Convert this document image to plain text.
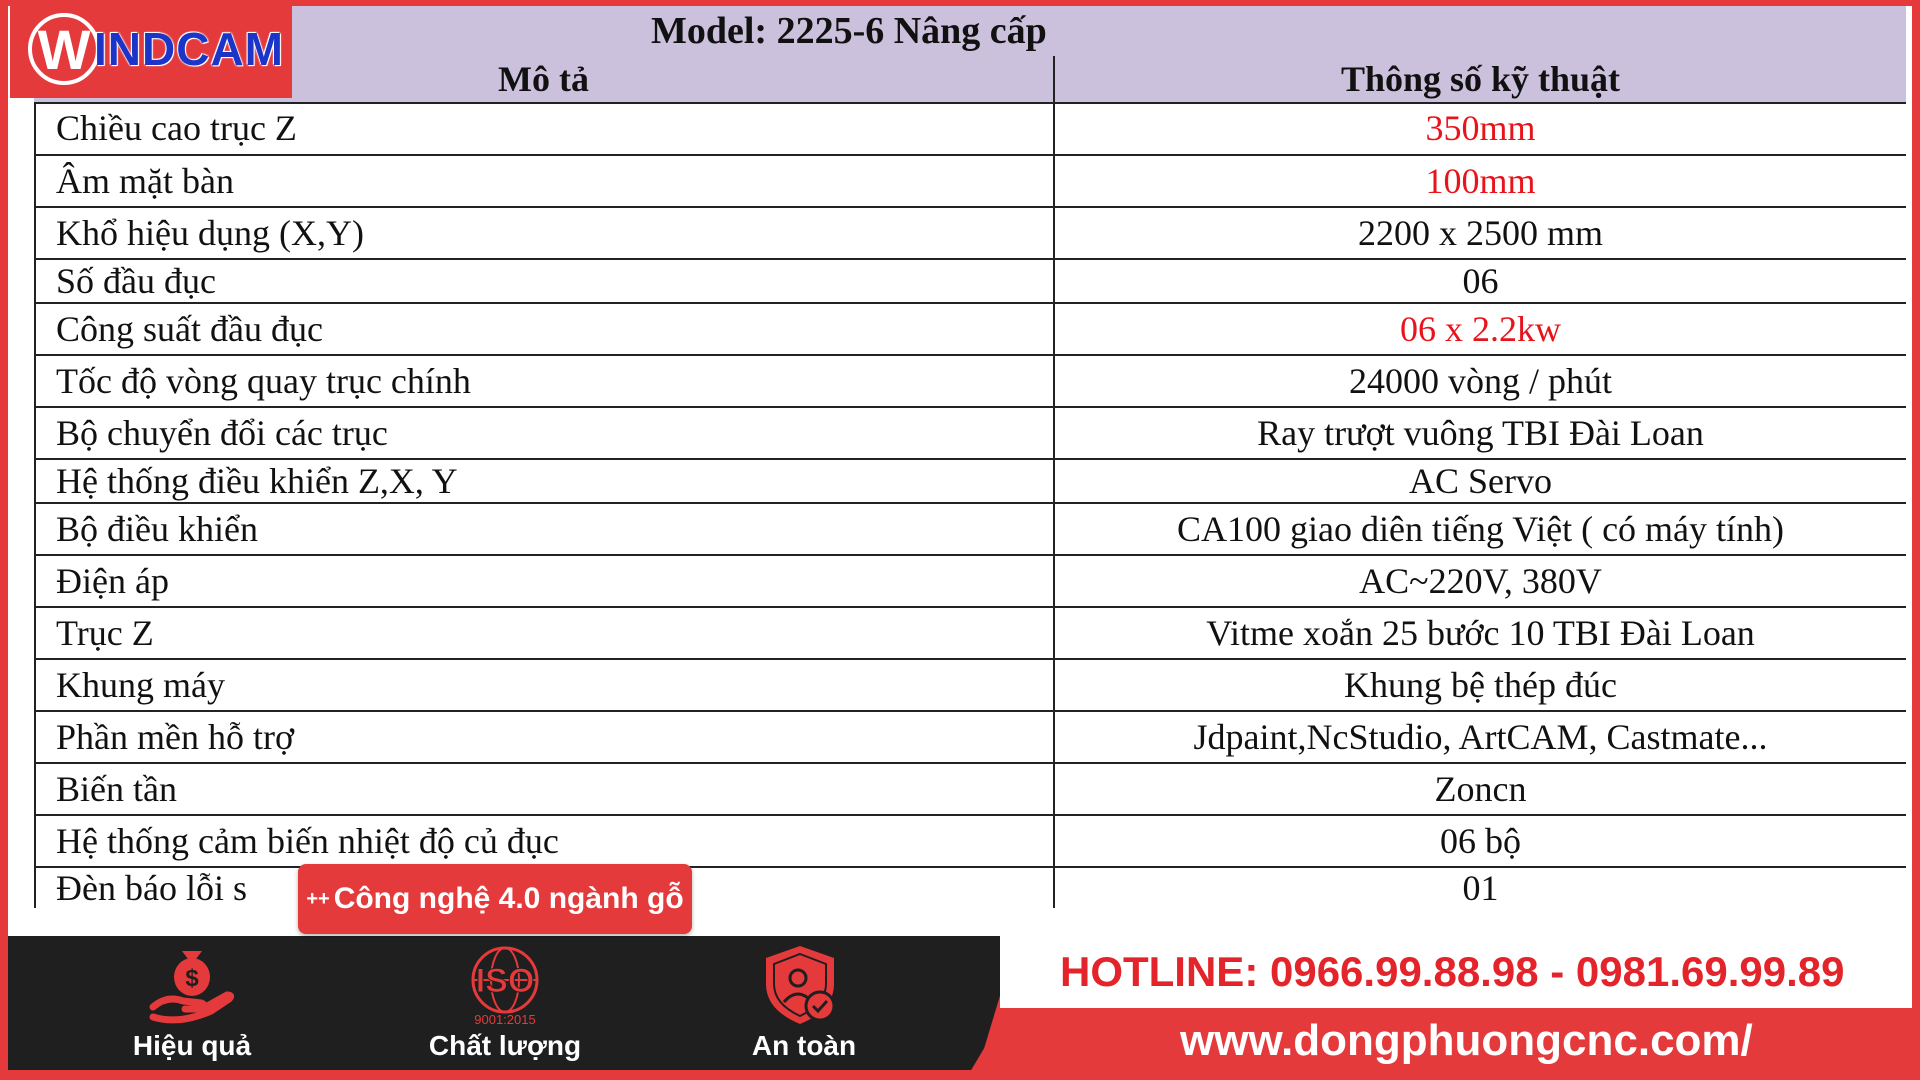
Model: 2225-6 Nâng cấp
Mô tả	Thông số kỹ thuật
Chiều cao trục Z	350mm
Âm mặt bàn	100mm
Khổ hiệu dụng (X,Y)	2200 x 2500 mm
Số đầu đục	06
Công suất đầu đục	06 x 2.2kw
Tốc độ vòng quay trục chính	24000 vòng / phút
Bộ chuyển đổi các trục	Ray trượt vuông TBI Đài Loan
Hệ thống điều khiển Z,X, Y	AC Servo
Bộ điều khiển	CA100 giao diên tiếng Việt ( có máy tính)
Điện áp	AC~220V, 380V
Trục Z	Vitme xoắn 25 bước 10 TBI Đài Loan
Khung máy	Khung bệ thép đúc
Phần mền hỗ trợ	Jdpaint,NcStudio, ArtCAM, Castmate...
Biến tần	Zoncn
Hệ thống cảm biến nhiệt độ củ đục	06 bộ
Đèn báo lỗi s	01
W INDCAM
HOTLINE: 0966.99.88.98 - 0981.69.99.89
www.dongphuongcnc.com/
++ Công nghệ 4.0 ngành gỗ
$
Hiệu quả
ISO
9001:2015
Chất lượng	An toàn
